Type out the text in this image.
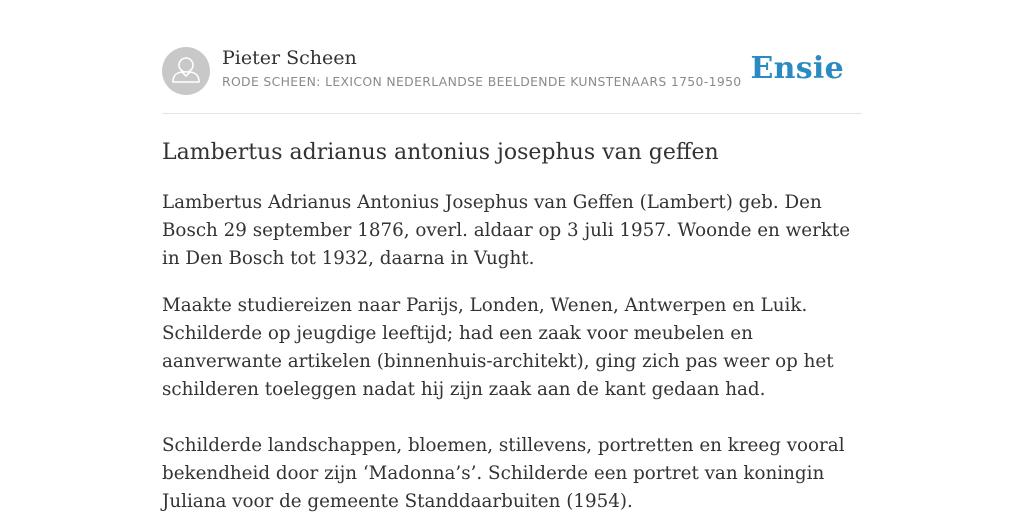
Pieter Scheen
RODE SCHEEN: LEXICON NEDERLANDSE BEELDENDE KUNSTENAARS 1750-1950 Ensie
Lambertus adrianus antonius josephus van geffen

Lambertus Adrianus Antonius Josephus van Geffen (Lambert) geb. Den Bosch 29 september 1876, overl. aldaar op 3 juli 1957. Woonde en werkte in Den Bosch tot 1932, daarna in Vught.

Maakte studiereizen naar Parijs, Londen, Wenen, Antwerpen en Luik. Schilderde op jeugdige leeftijd; had een zaak voor meubelen en aanverwante artikelen (binnenhuis-architekt), ging zich pas weer op het schilderen toeleggen nadat hij zijn zaak aan de kant gedaan had.

Schilderde landschappen, bloemen, stillevens, portretten en kreeg vooral bekendheid door zijn ‘Madonna’s’. Schilderde een portret van koningin Juliana voor de gemeente Standdaarbuiten (1954).
